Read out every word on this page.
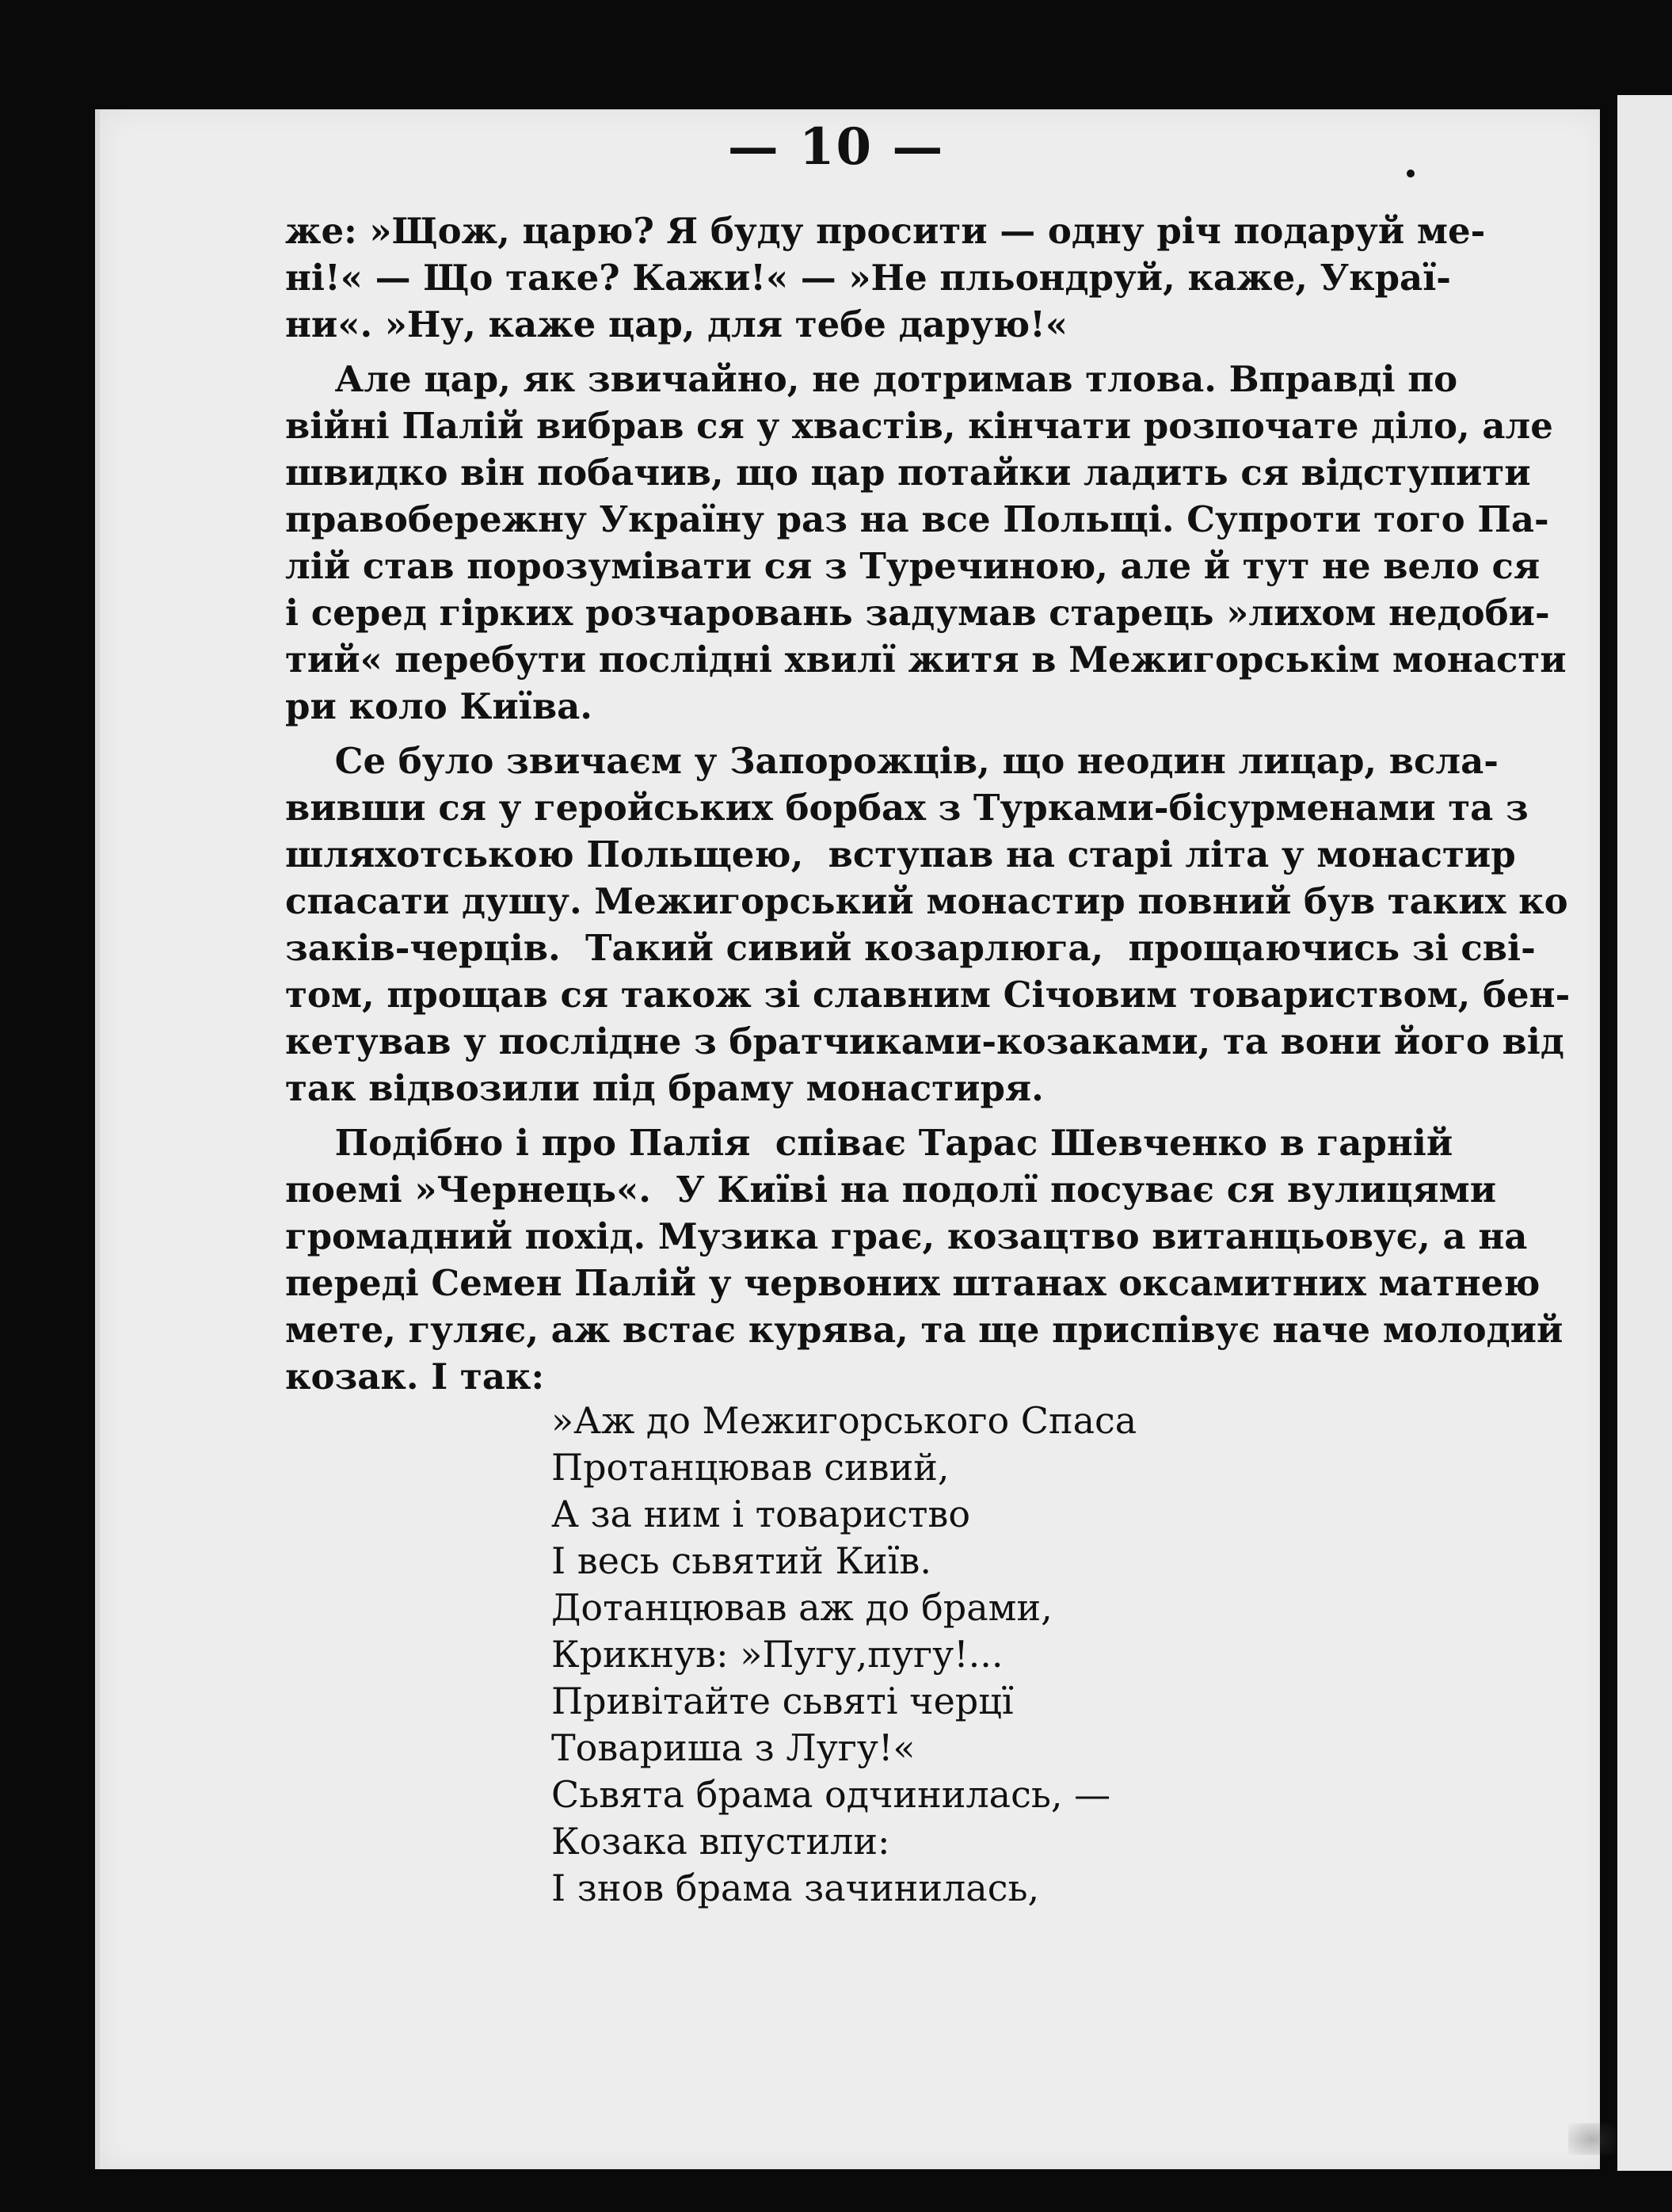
— 10 —

же: »Щож, царю? Я буду просити — одну річ подаруй ме-

ні!« — Що таке? Кажи!« — »Не пльондруй, каже, Украї-

ни«. »Ну, каже цар, для тебе дарую!«

Але цар, як звичайно, не дотримав тлова. Вправді по

війні Палій вибрав ся у хвастів, кінчати розпочате діло, але

швидко він побачив, що цар потайки ладить ся відступити

правобережну Україну раз на все Польщі. Супроти того Па-

лій став порозумівати ся з Туречиною, але й тут не вело ся

і серед гірких розчаровань задумав старець »лихом недоби-

тий« перебути послідні хвилї житя в Межигорськім монасти

ри коло Київа.

Се було звичаєм у Запорожців, що неодин лицар, всла-

вивши ся у геройських борбах з Турками-бісурменами та з

шляхотською Польщею,  вступав на старі літа у монастир

спасати душу. Межигорський монастир повний був таких ко

заків-черців.  Такий сивий козарлюга,  прощаючись зі сві-

том, прощав ся також зі славним Січовим товариством, бен-

кетував у послідне з братчиками-козаками, та вони його від

так відвозили під браму монастиря.

Подібно і про Палія  співає Тарас Шевченко в гарній

поемі »Чернець«.  У Київі на подолї посуває ся вулицями

громадний похід. Музика грає, козацтво витанцьовує, а на

переді Семен Палій у червоних штанах оксамитних матнею

мете, гуляє, аж встає курява, та ще приспівує наче молодий

козак. І так:

»Аж до Межигорського Спаса

Протанцював сивий,

А за ним і товариство

І весь сьвятий Київ.

Дотанцював аж до брами,

Крикнув: »Пугу,пугу!...

Привітайте сьвяті черцї

Товариша з Лугу!«

Сьвята брама одчинилась, —

Козака впустили:

І знов брама зачинилась,
